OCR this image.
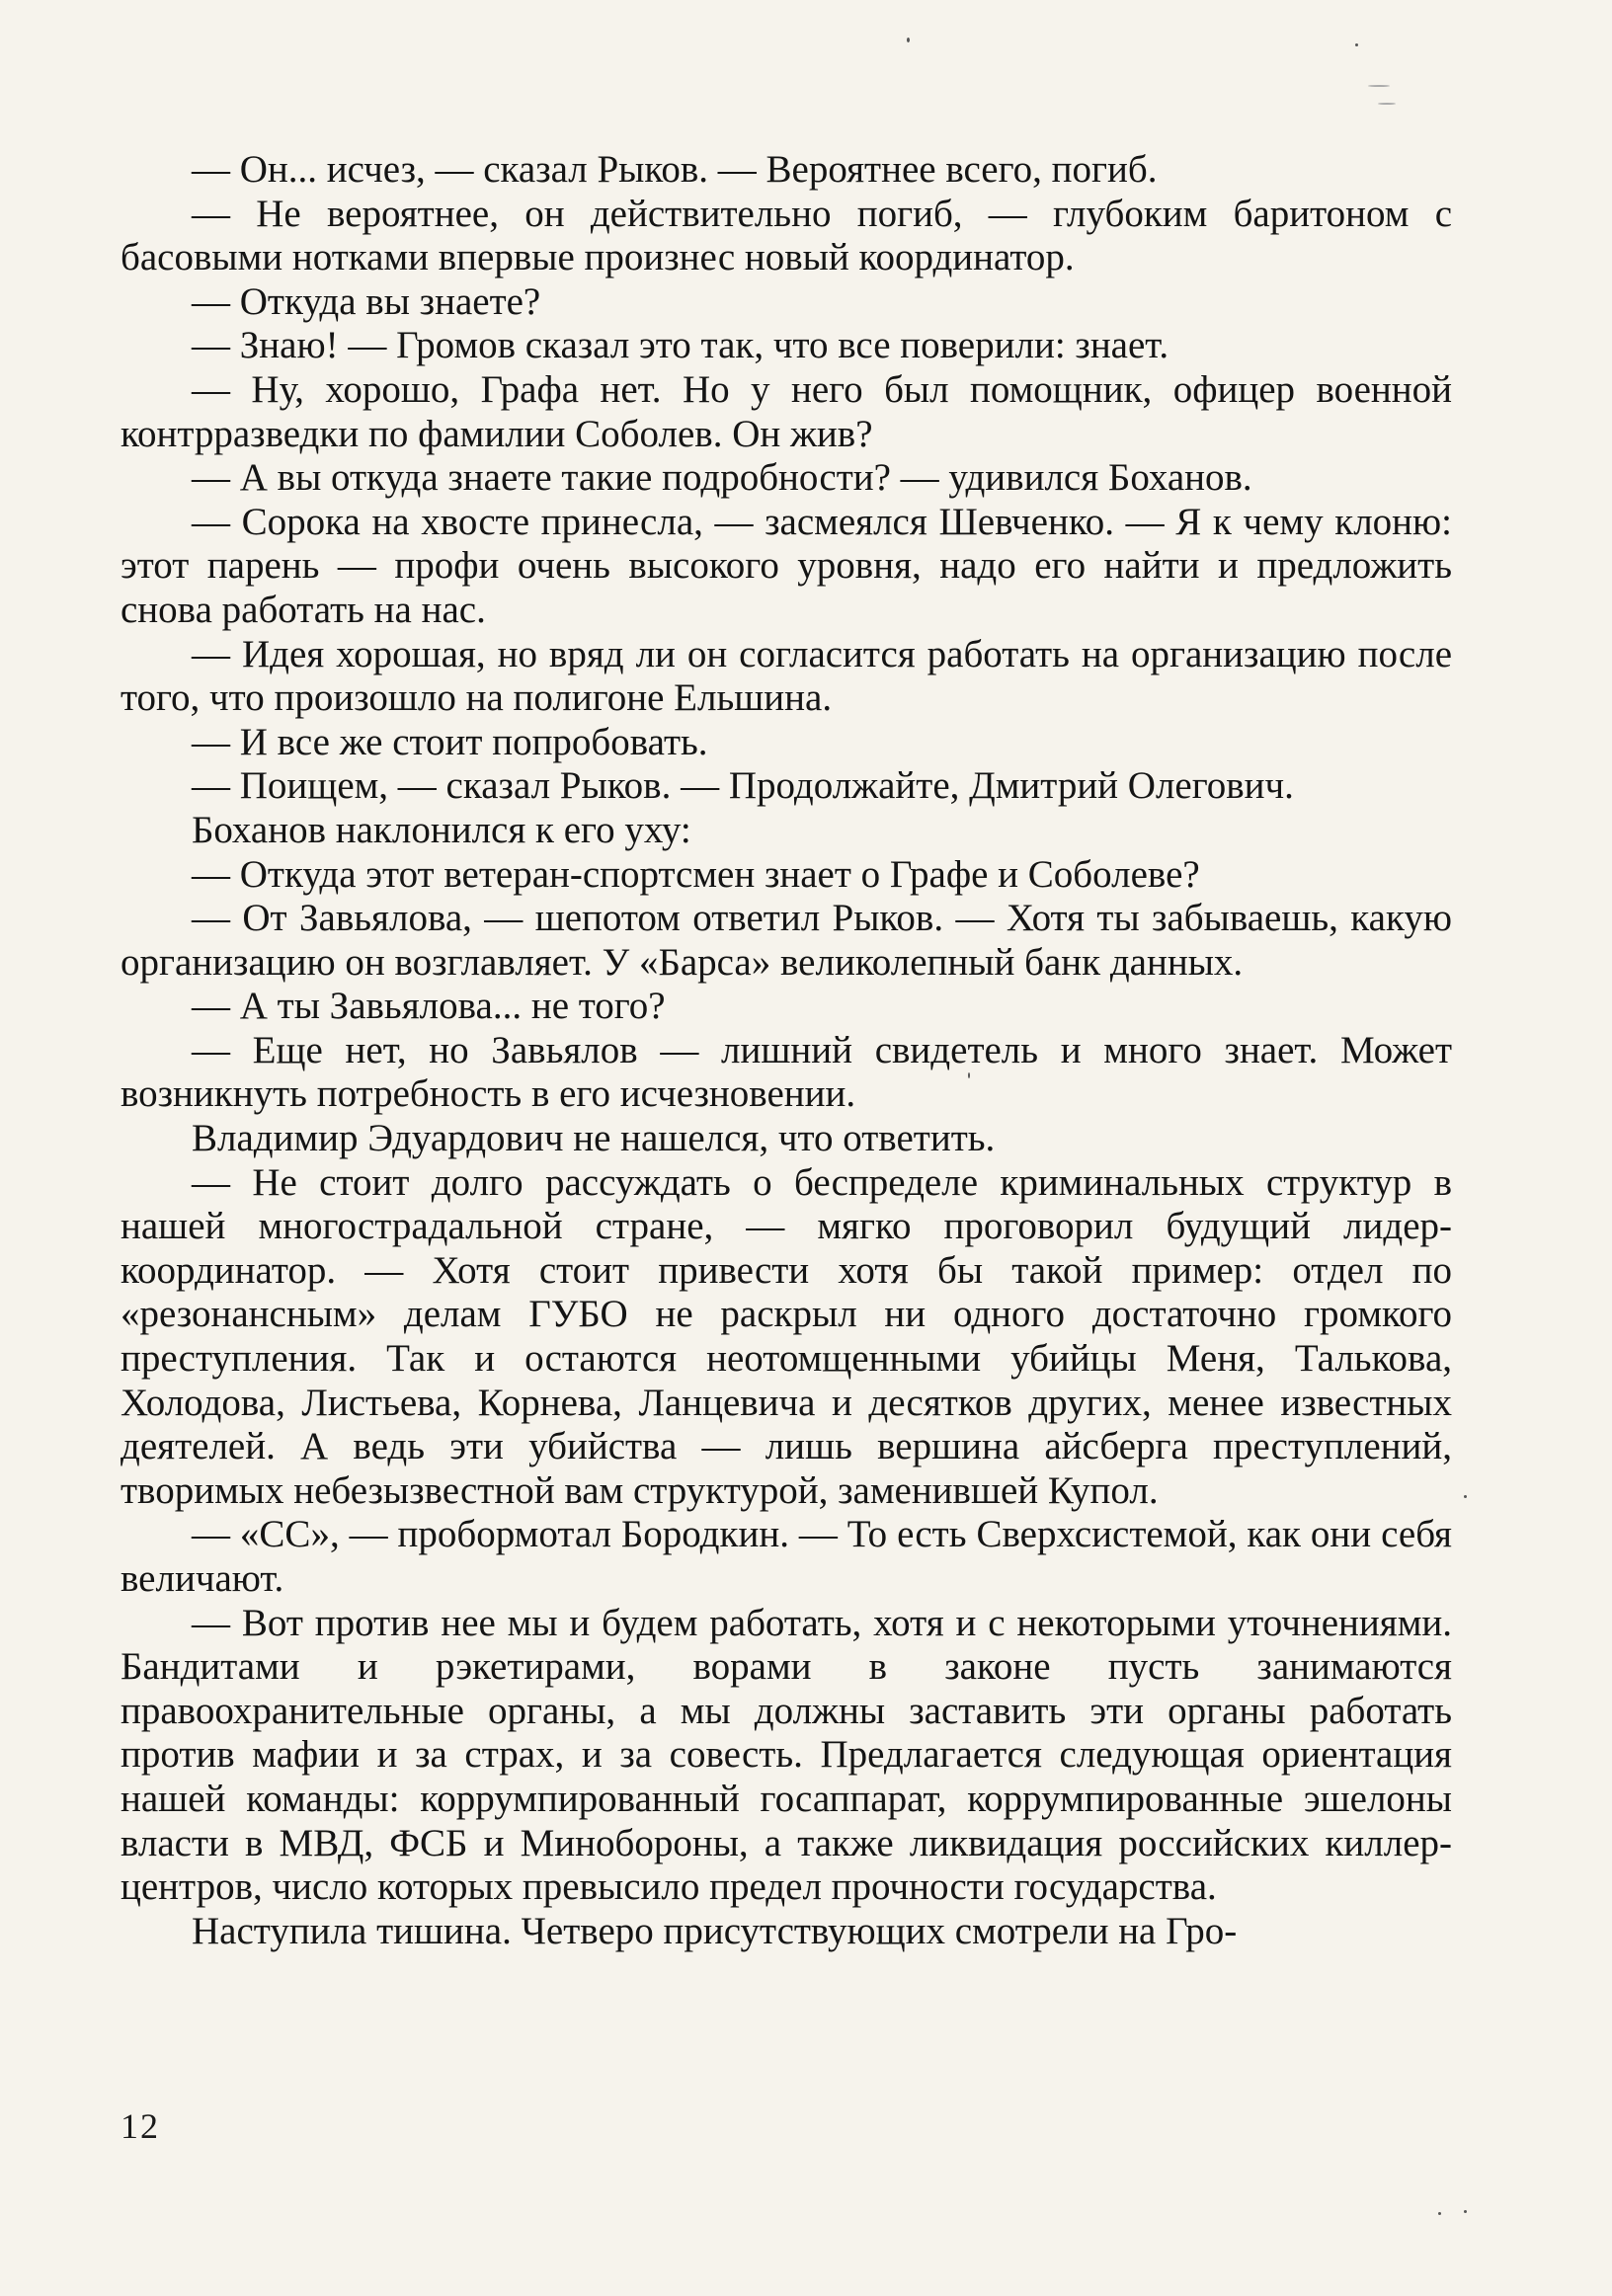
— Он... исчез, — сказал Рыков. — Вероятнее всего, погиб.

— Не вероятнее, он действительно погиб, — глубоким баритоном с басовыми нотками впервые произнес новый координатор.

— Откуда вы знаете?

— Знаю! — Громов сказал это так, что все поверили: знает.

— Ну, хорошо, Графа нет. Но у него был помощник, офицер военной контрразведки по фамилии Соболев. Он жив?

— А вы откуда знаете такие подробности? — удивился Боханов.

— Сорока на хвосте принесла, — засмеялся Шевченко. — Я к чему клоню: этот парень — профи очень высокого уровня, надо его найти и предложить снова работать на нас.

— Идея хорошая, но вряд ли он согласится работать на организацию после того, что произошло на полигоне Ельшина.

— И все же стоит попробовать.

— Поищем, — сказал Рыков. — Продолжайте, Дмитрий Олегович.

Боханов наклонился к его уху:

— Откуда этот ветеран-спортсмен знает о Графе и Соболеве?

— От Завьялова, — шепотом ответил Рыков. — Хотя ты забываешь, какую организацию он возглавляет. У «Барса» великолепный банк данных.

— А ты Завьялова... не того?

— Еще нет, но Завьялов — лишний свидетель и много знает. Может возникнуть потребность в его исчезновении.

Владимир Эдуардович не нашелся, что ответить.

— Не стоит долго рассуждать о беспределе криминальных структур в нашей многострадальной стране, — мягко проговорил будущий лидер-координатор. — Хотя стоит привести хотя бы такой пример: отдел по «резонансным» делам ГУБО не раскрыл ни одного достаточно громкого преступления. Так и остаются неотомщенными убийцы Меня, Талькова, Холодова, Листьева, Корнева, Ланцевича и десятков других, менее известных деятелей. А ведь эти убийства — лишь вершина айсберга преступлений, творимых небезызвестной вам структурой, заменившей Купол.

— «СС», — пробормотал Бородкин. — То есть Сверхсистемой, как они себя величают.

— Вот против нее мы и будем работать, хотя и с некоторыми уточнениями. Бандитами и рэкетирами, ворами в законе пусть занимаются правоохранительные органы, а мы должны заставить эти органы работать против мафии и за страх, и за совесть. Предлагается следующая ориентация нашей команды: коррумпированный госаппарат, коррумпированные эшелоны власти в МВД, ФСБ и Минобороны, а также ликвидация российских киллер-центров, число которых превысило предел прочности государства.

Наступила тишина. Четверо присутствующих смотрели на Гро-

12
